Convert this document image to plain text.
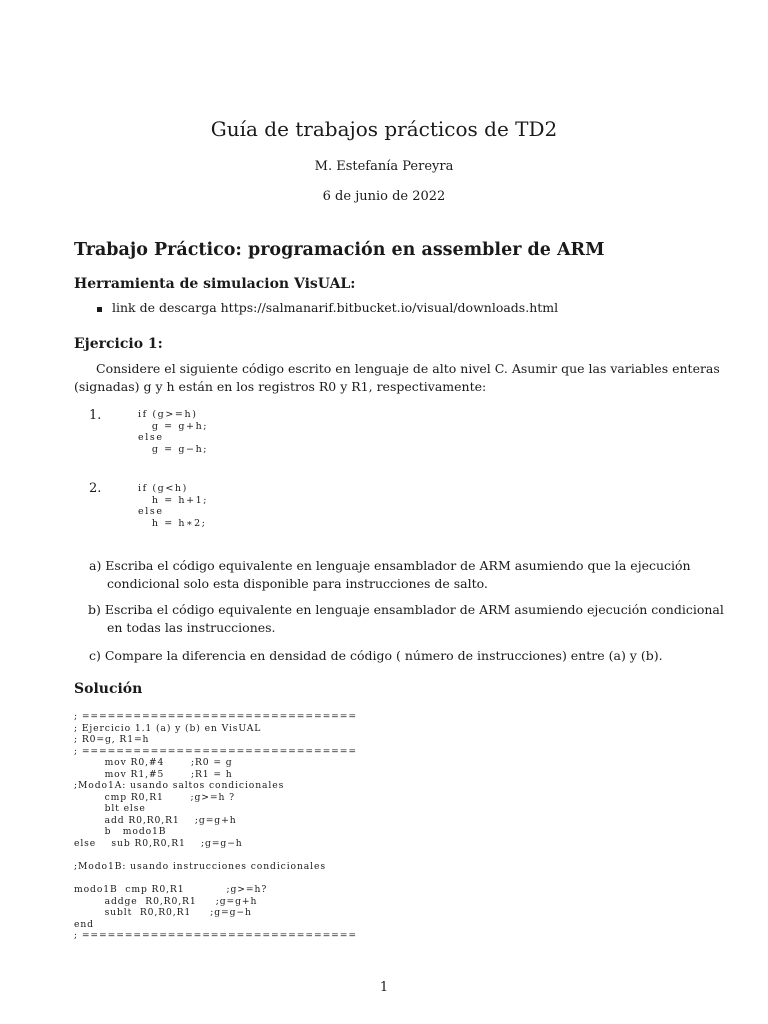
Guía de trabajos prácticos de TD2
M. Estefanía Pereyra
6 de junio de 2022
Trabajo Práctico: programación en assembler de ARM
Herramienta de simulacion VisUAL:
link de descarga https://salmanarif.bitbucket.io/visual/downloads.html
Ejercicio 1:
Considere el siguiente código escrito en lenguaje de alto nivel C. Asumir que las variables enteras
(signadas) g y h están en los registros R0 y R1, respectivamente:
1.	if (g>=h)
g = g+h;
else
g = g−h;
2.	if (g<h)
h = h+1;
else
h = h∗2;
a) Escriba el código equivalente en lenguaje ensamblador de ARM asumiendo que la ejecución
condicional solo esta disponible para instrucciones de salto.
b) Escriba el código equivalente en lenguaje ensamblador de ARM asumiendo ejecución condicional
en todas las instrucciones.
c) Compare la diferencia en densidad de código ( número de instrucciones) entre (a) y (b).
Solución
; ================================
; Ejercicio 1.1 (a) y (b) en VisUAL
; R0=g, R1=h
; ================================
mov R0,#4       ;R0 = g
mov R1,#5       ;R1 = h
;Modo1A: usando saltos condicionales
cmp R0,R1       ;g>=h ?
blt else
add R0,R0,R1    ;g=g+h
b   modo1B
else    sub R0,R0,R1    ;g=g−h

;Modo1B: usando instrucciones condicionales

modo1B  cmp R0,R1           ;g>=h?
addge  R0,R0,R1     ;g=g+h
sublt  R0,R0,R1     ;g=g−h
end
; ================================
1
